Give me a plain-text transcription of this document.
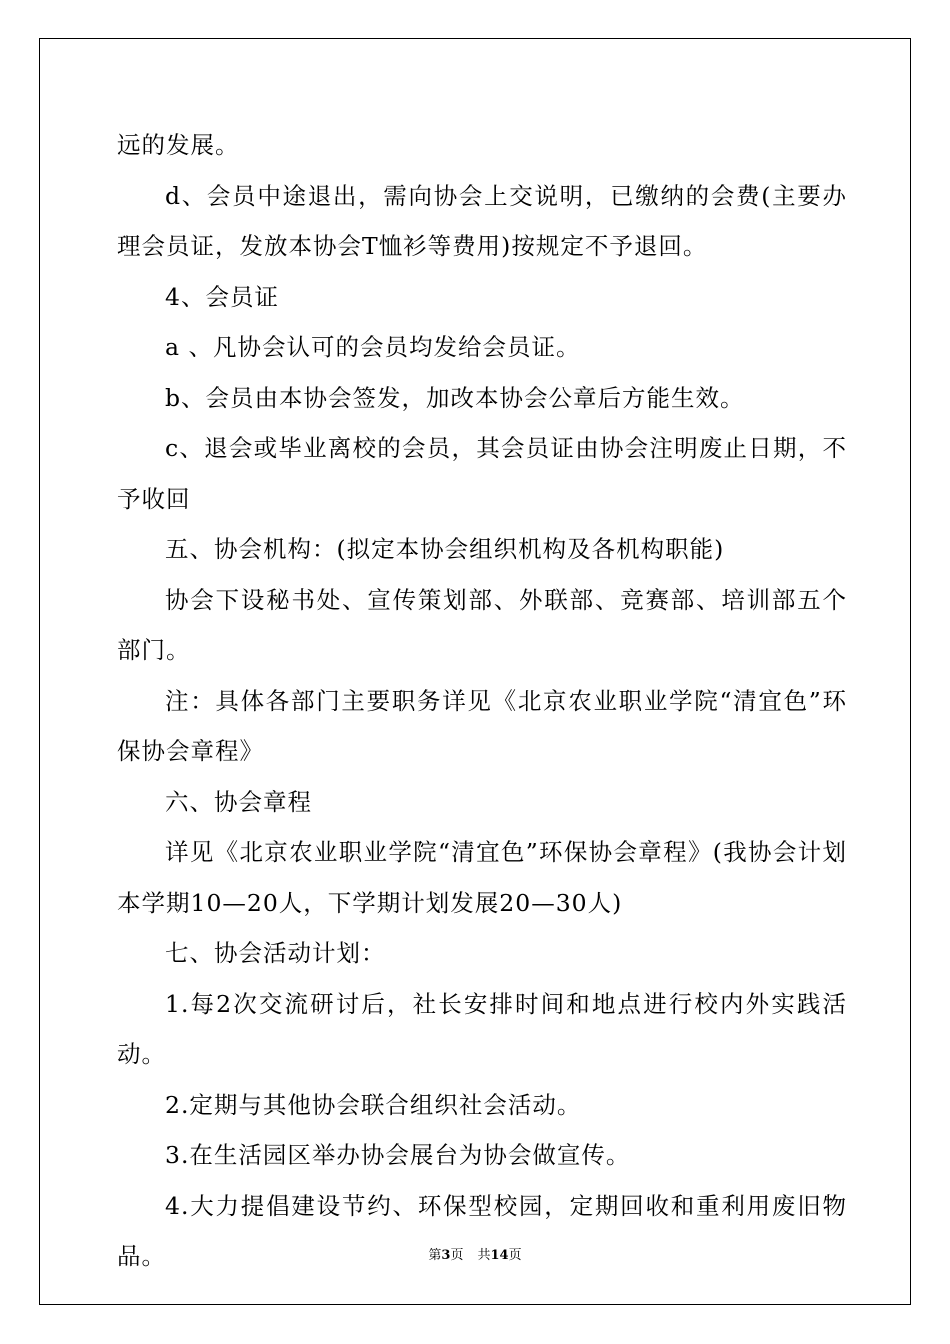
远的发展。

d、会员中途退出，需向协会上交说明，已缴纳的会费(主要办理会员证，发放本协会T恤衫等费用)按规定不予退回。

4、会员证

a 、凡协会认可的会员均发给会员证。

b、会员由本协会签发，加改本协会公章后方能生效。

c、退会或毕业离校的会员，其会员证由协会注明废止日期，不予收回

五、协会机构：(拟定本协会组织机构及各机构职能)

协会下设秘书处、宣传策划部、外联部、竞赛部、培训部五个部门。

注：具体各部门主要职务详见《北京农业职业学院“清宜色”环保协会章程》

六、协会章程

详见《北京农业职业学院“清宜色”环保协会章程》(我协会计划本学期10—20人，下学期计划发展20—30人)

七、协会活动计划：

1.每2次交流研讨后，社长安排时间和地点进行校内外实践活动。

2.定期与其他协会联合组织社会活动。

3.在生活园区举办协会展台为协会做宣传。

4.大力提倡建设节约、环保型校园，定期回收和重利用废旧物品。	第3页 共14页
